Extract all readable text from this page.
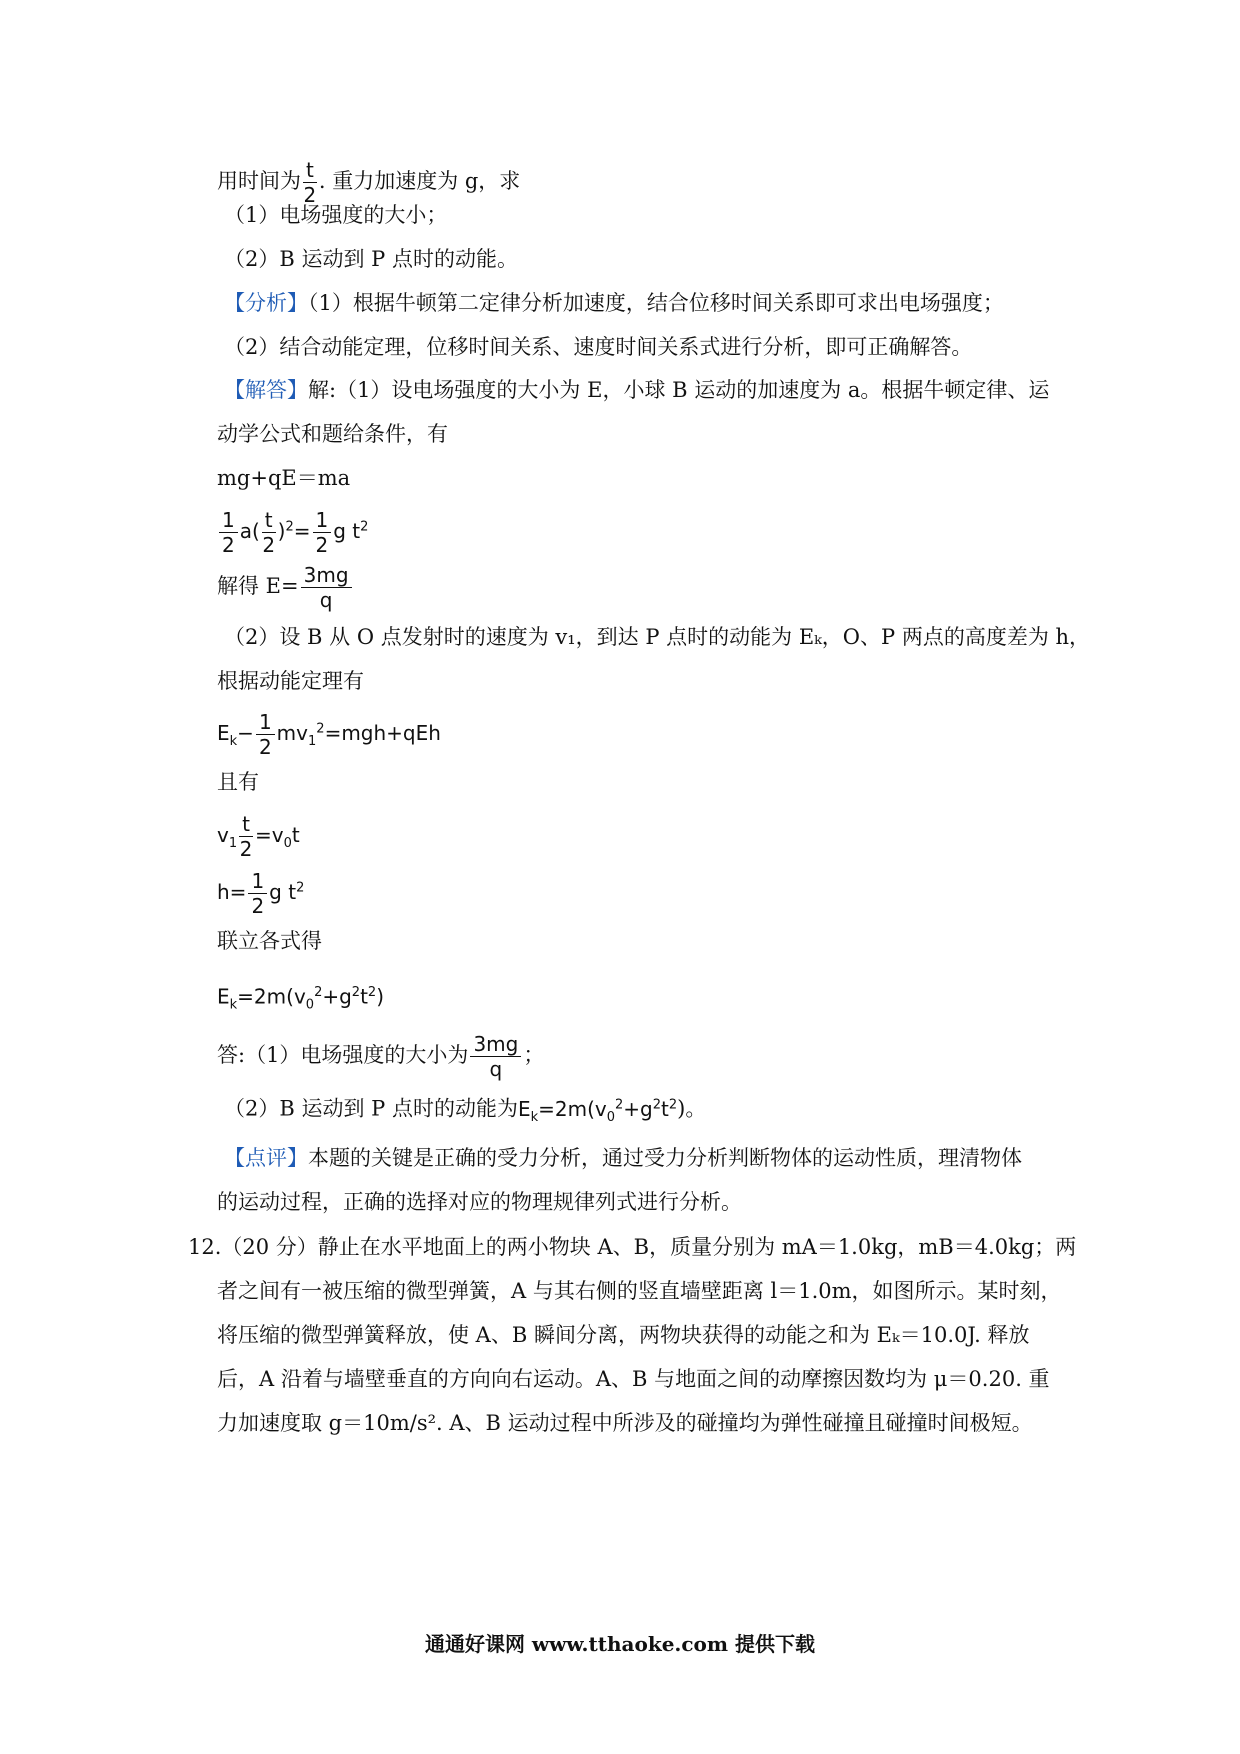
用时间为 $\frac{t}{2}$ . 重力加速度为 g，求
（1）电场强度的大小；
（2）B 运动到 P 点时的动能。
【分析】（1）根据牛顿第二定律分析加速度，结合位移时间关系即可求出电场强度；
（2）结合动能定理，位移时间关系、速度时间关系式进行分析，即可正确解答。
【解答】解:（1）设电场强度的大小为 E，小球 B 运动的加速度为 a。根据牛顿定律、运
动学公式和题给条件，有
mg+qE＝ma
$\frac{1}{2} a( \frac{t}{2} )^2= \frac{1}{2}$ g $t^2$
解得 $E= \frac{3mg}{q}$
（2）设 B 从 O 点发射时的速度为 v₁，到达 P 点时的动能为 Eₖ，O、P 两点的高度差为 h，
根据动能定理有
$E_k- \frac{1}{2} mv_1^2=mgh+qEh$
且有
$v_1 \frac{t}{2} =v_0t$
$h= \frac{1}{2}$ g $t^2$
联立各式得
$E_k=2m(v_0^2+g^2t^2)$
答:（1）电场强度的大小为 $\frac{3mg}{q}$ ；
（2）B 运动到 P 点时的动能为$E_k=2m(v_0^2+g^2t^2)$。
【点评】本题的关键是正确的受力分析，通过受力分析判断物体的运动性质，理清物体
的运动过程，正确的选择对应的物理规律列式进行分析。
12.（20 分）静止在水平地面上的两小物块 A、B，质量分别为 mA＝1.0kg，mB＝4.0kg；两
者之间有一被压缩的微型弹簧，A 与其右侧的竖直墙壁距离 l＝1.0m，如图所示。某时刻，
将压缩的微型弹簧释放，使 A、B 瞬间分离，两物块获得的动能之和为 Eₖ＝10.0J. 释放
后，A 沿着与墙壁垂直的方向向右运动。A、B 与地面之间的动摩擦因数均为 μ＝0.20. 重
力加速度取 g＝10m/s². A、B 运动过程中所涉及的碰撞均为弹性碰撞且碰撞时间极短。
通通好课网 www.tthaoke.com 提供下载
